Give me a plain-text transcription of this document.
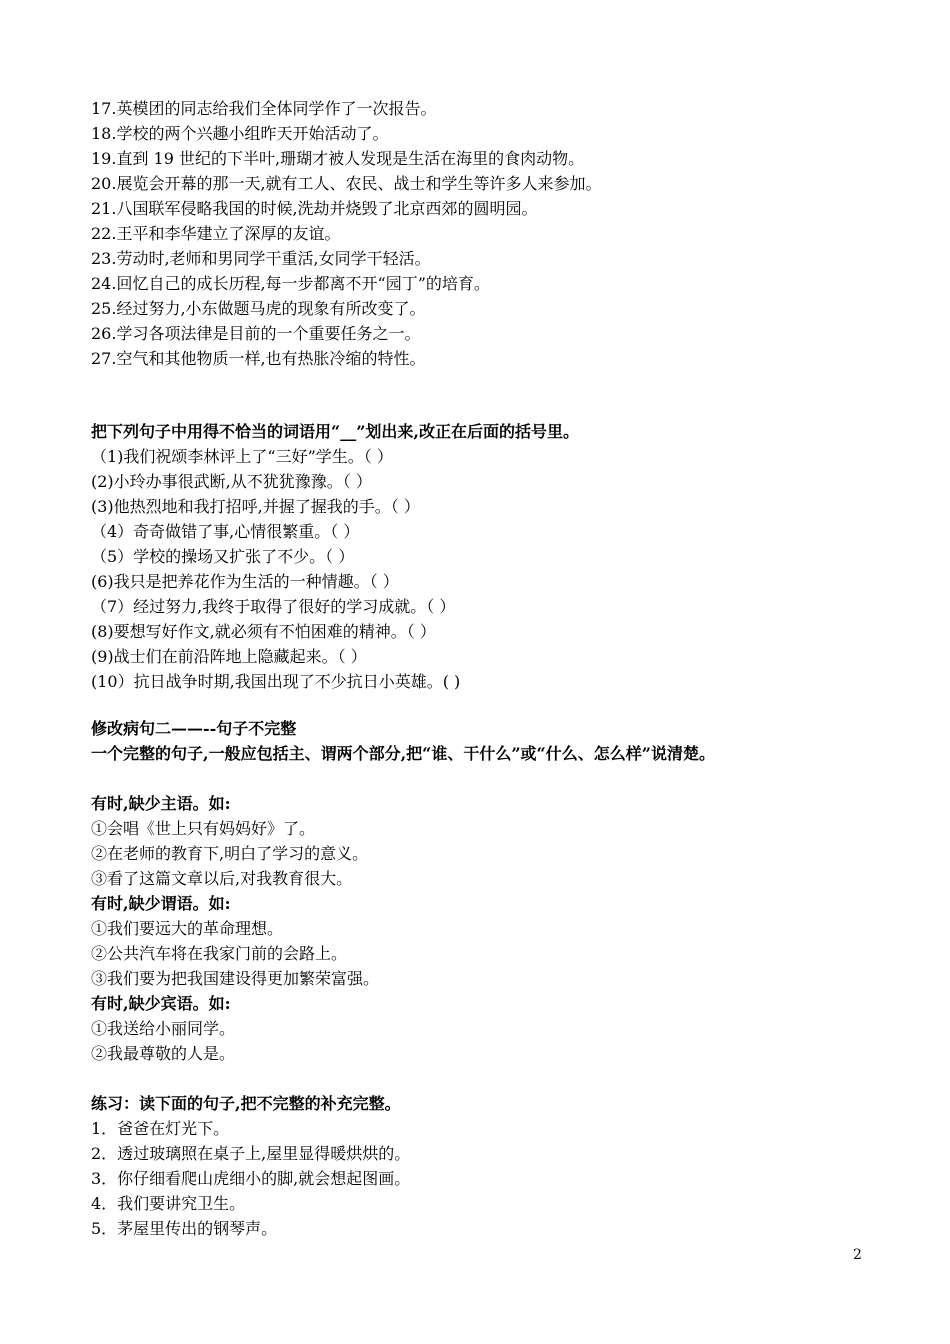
17.英模团的同志给我们全体同学作了一次报告。
18.学校的两个兴趣小组昨天开始活动了。
19.直到 19 世纪的下半叶,珊瑚才被人发现是生活在海里的食肉动物。
20.展览会开幕的那一天,就有工人、农民、战士和学生等许多人来参加。
21.八国联军侵略我国的时候,洗劫并烧毁了北京西郊的圆明园。
22.王平和李华建立了深厚的友谊。
23.劳动时,老师和男同学干重活,女同学干轻活。
24.回忆自己的成长历程,每一步都离不开“园丁”的培育。
25.经过努力,小东做题马虎的现象有所改变了。
26.学习各项法律是目前的一个重要任务之一。
27.空气和其他物质一样,也有热胀冷缩的特性。
把下列句子中用得不恰当的词语用“__”划出来,改正在后面的括号里。
（1)我们祝颂李林评上了“三好”学生。（ ）
(2)小玲办事很武断,从不犹犹豫豫。（ ）
(3)他热烈地和我打招呼,并握了握我的手。（ ）
（4）奇奇做错了事,心情很繁重。（ ）
（5）学校的操场又扩张了不少。（ ）
(6)我只是把养花作为生活的一种情趣。（ ）
（7）经过努力,我终于取得了很好的学习成就。（ ）
(8)要想写好作文,就必须有不怕困难的精神。（ ）
(9)战士们在前沿阵地上隐藏起来。（ ）
(10）抗日战争时期,我国出现了不少抗日小英雄。( )
修改病句二——--句子不完整
一个完整的句子,一般应包括主、谓两个部分,把“谁、干什么”或“什么、怎么样”说清楚。
有时,缺少主语。如:
①会唱《世上只有妈妈好》了。
②在老师的教育下,明白了学习的意义。
③看了这篇文章以后,对我教育很大。
有时,缺少谓语。如:
①我们要远大的革命理想。
②公共汽车将在我家门前的会路上。
③我们要为把我国建设得更加繁荣富强。
有时,缺少宾语。如:
①我送给小丽同学。
②我最尊敬的人是。
练习：读下面的句子,把不完整的补充完整。
1．爸爸在灯光下。
2．透过玻璃照在桌子上,屋里显得暖烘烘的。
3．你仔细看爬山虎细小的脚,就会想起图画。
4．我们要讲究卫生。
5．茅屋里传出的钢琴声。
2
